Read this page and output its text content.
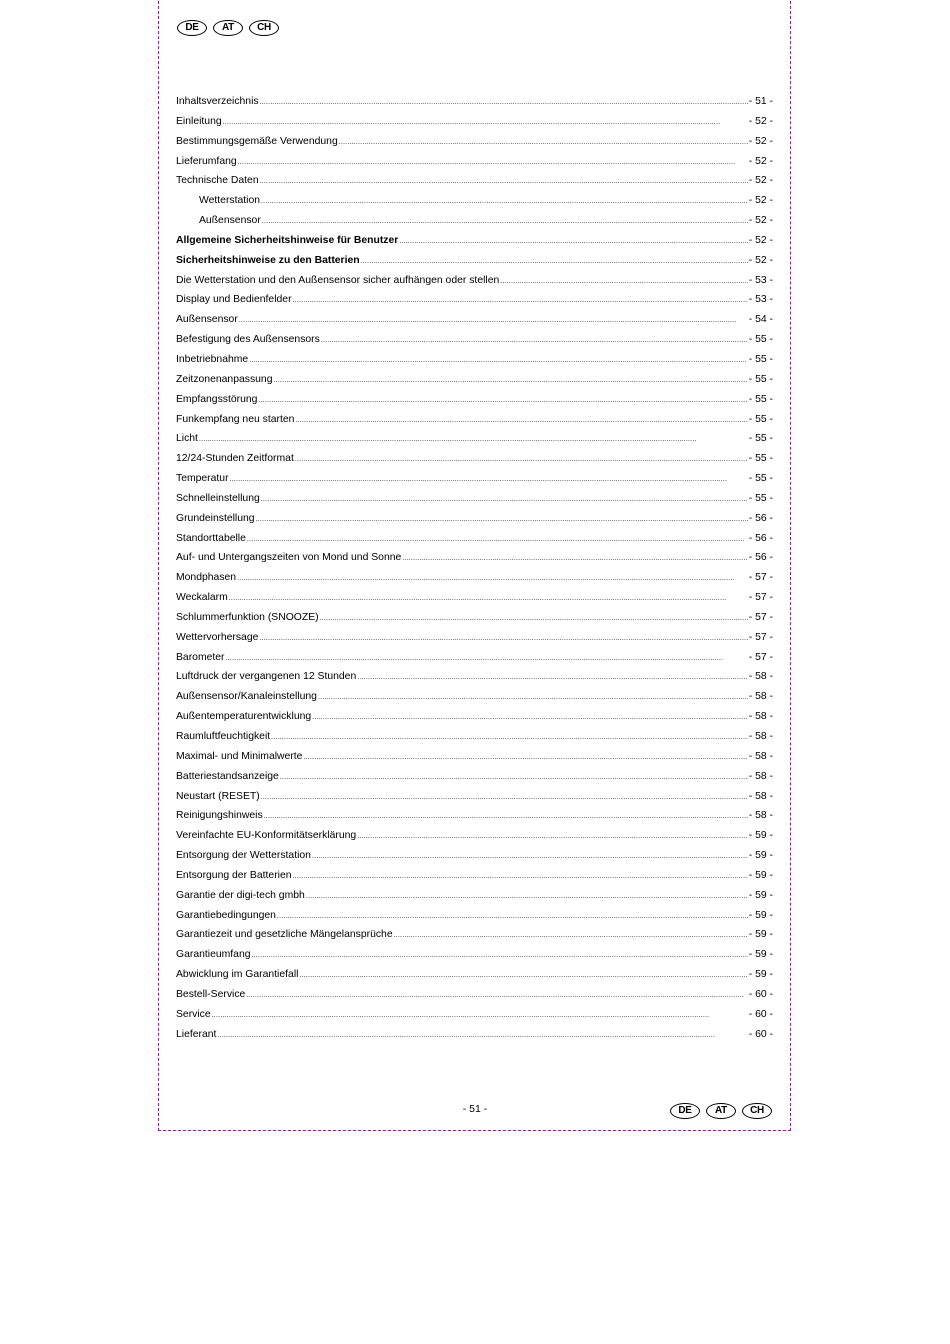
DE	AT	CH
Inhaltsverzeichnis .....	- 51 -
Einleitung .....	- 52 -
Bestimmungsgemäße Verwendung .....	- 52 -
Lieferumfang .....	- 52 -
Technische Daten .....	- 52 -
Wetterstation .....	- 52 -
Außensensor .....	- 52 -
Allgemeine Sicherheitshinweise für Benutzer .....	- 52 -
Sicherheitshinweise zu den Batterien .....	- 52 -
Die Wetterstation und den Außensensor sicher aufhängen oder stellen .....	- 53 -
Display und Bedienfelder .....	- 53 -
Außensensor .....	- 54 -
Befestigung des Außensensors .....	- 55 -
Inbetriebnahme .....	- 55 -
Zeitzonenanpassung .....	- 55 -
Empfangsstörung .....	- 55 -
Funkempfang neu starten .....	- 55 -
Licht .....	- 55 -
12/24-Stunden Zeitformat .....	- 55 -
Temperatur .....	- 55 -
Schnelleinstellung .....	- 55 -
Grundeinstellung .....	- 56 -
Standorttabelle .....	- 56 -
Auf- und Untergangszeiten von Mond und Sonne .....	- 56 -
Mondphasen .....	- 57 -
Weckalarm .....	- 57 -
Schlummerfunktion (SNOOZE) .....	- 57 -
Wettervorhersage .....	- 57 -
Barometer .....	- 57 -
Luftdruck der vergangenen 12 Stunden .....	- 58 -
Außensensor/Kanaleinstellung .....	- 58 -
Außentemperaturentwicklung .....	- 58 -
Raumluftfeuchtigkeit .....	- 58 -
Maximal- und Minimalwerte .....	- 58 -
Batteriestandsanzeige .....	- 58 -
Neustart (RESET) .....	- 58 -
Reinigungshinweis .....	- 58 -
Vereinfachte EU-Konformitätserklärung .....	- 59 -
Entsorgung der Wetterstation .....	- 59 -
Entsorgung der Batterien .....	- 59 -
Garantie der digi-tech gmbh .....	- 59 -
Garantiebedingungen .....	- 59 -
Garantiezeit und gesetzliche Mängelansprüche .....	- 59 -
Garantieumfang .....	- 59 -
Abwicklung im Garantiefall .....	- 59 -
Bestell-Service .....	- 60 -
Service .....	- 60 -
Lieferant .....	- 60 -
- 51 -	DE	AT	CH
